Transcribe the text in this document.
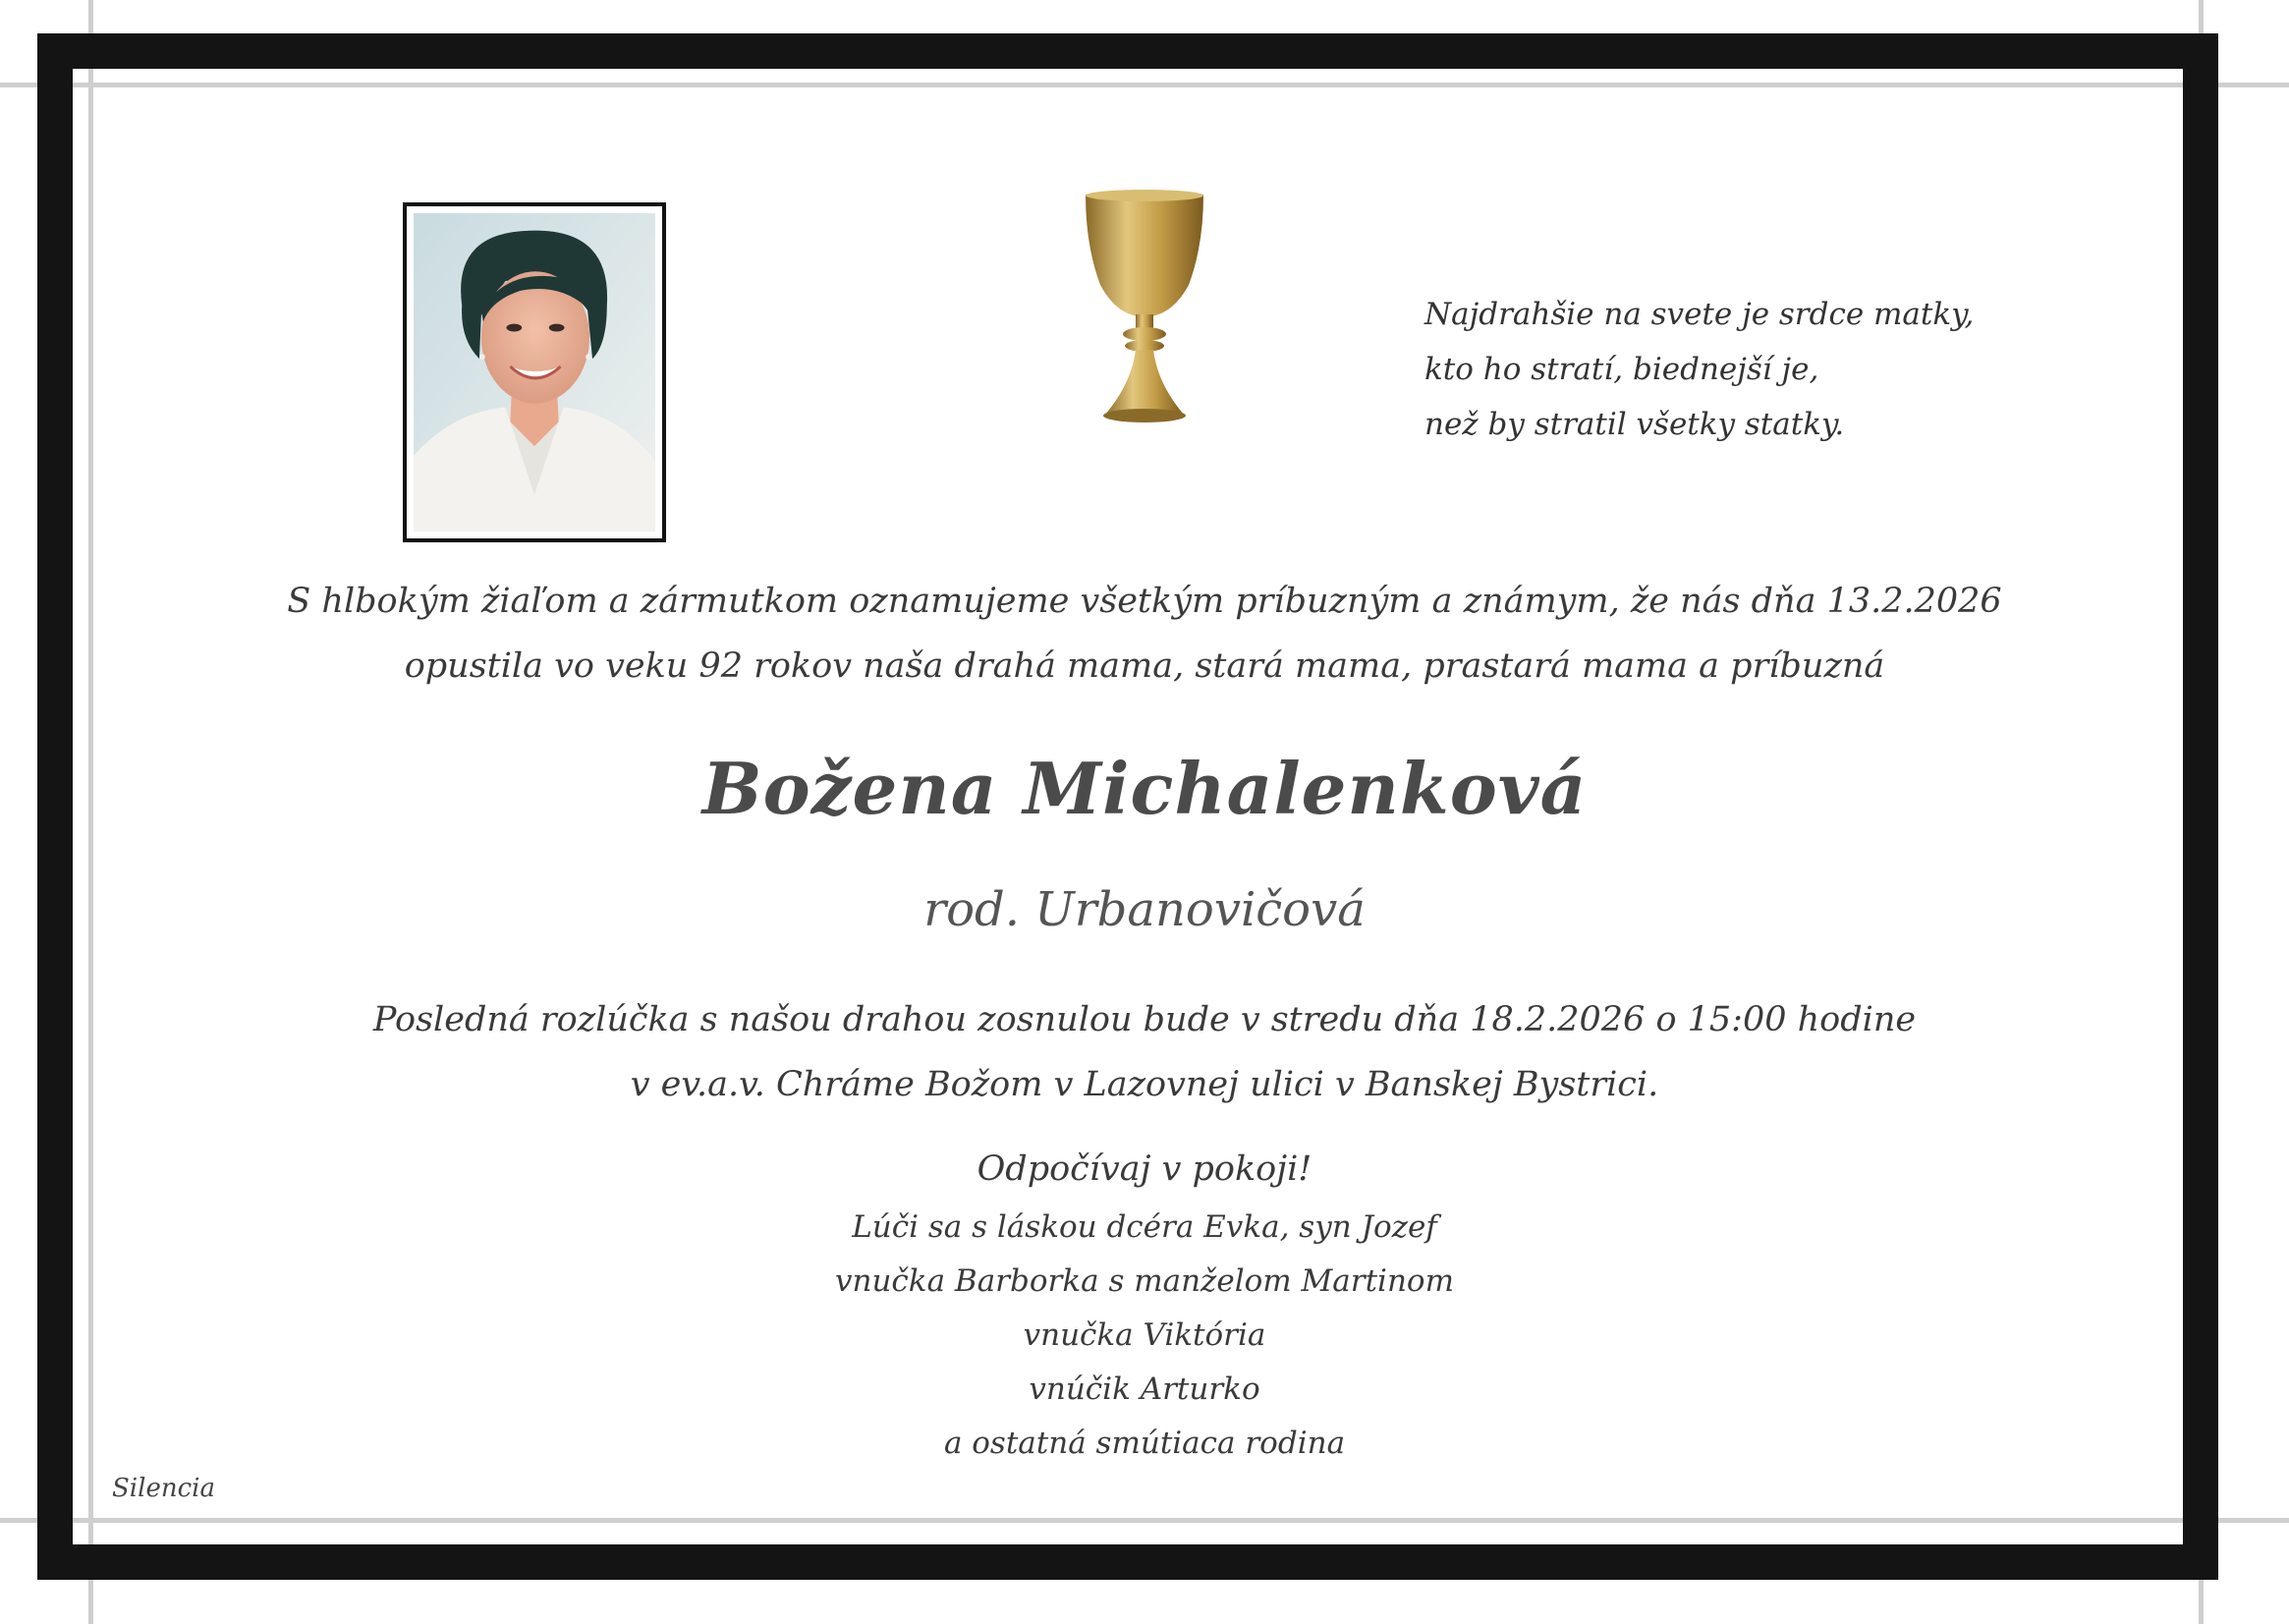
Najdrahšie na svete je srdce matky,
kto ho stratí, biednejší je,
než by stratil všetky statky.
S hlbokým žiaľom a zármutkom oznamujeme všetkým príbuzným a známym, že nás dňa 13.2.2026
opustila vo veku 92 rokov naša drahá mama, stará mama, prastará mama a príbuzná
Božena Michalenková
rod. Urbanovičová
Posledná rozlúčka s našou drahou zosnulou bude v stredu dňa 18.2.2026 o 15:00 hodine
v ev.a.v. Chráme Božom v Lazovnej ulici v Banskej Bystrici.
Odpočívaj v pokoji!
Lúči sa s láskou dcéra Evka, syn Jozef
vnučka Barborka s manželom Martinom
vnučka Viktória
vnúčik Arturko
a ostatná smútiaca rodina
Silencia
